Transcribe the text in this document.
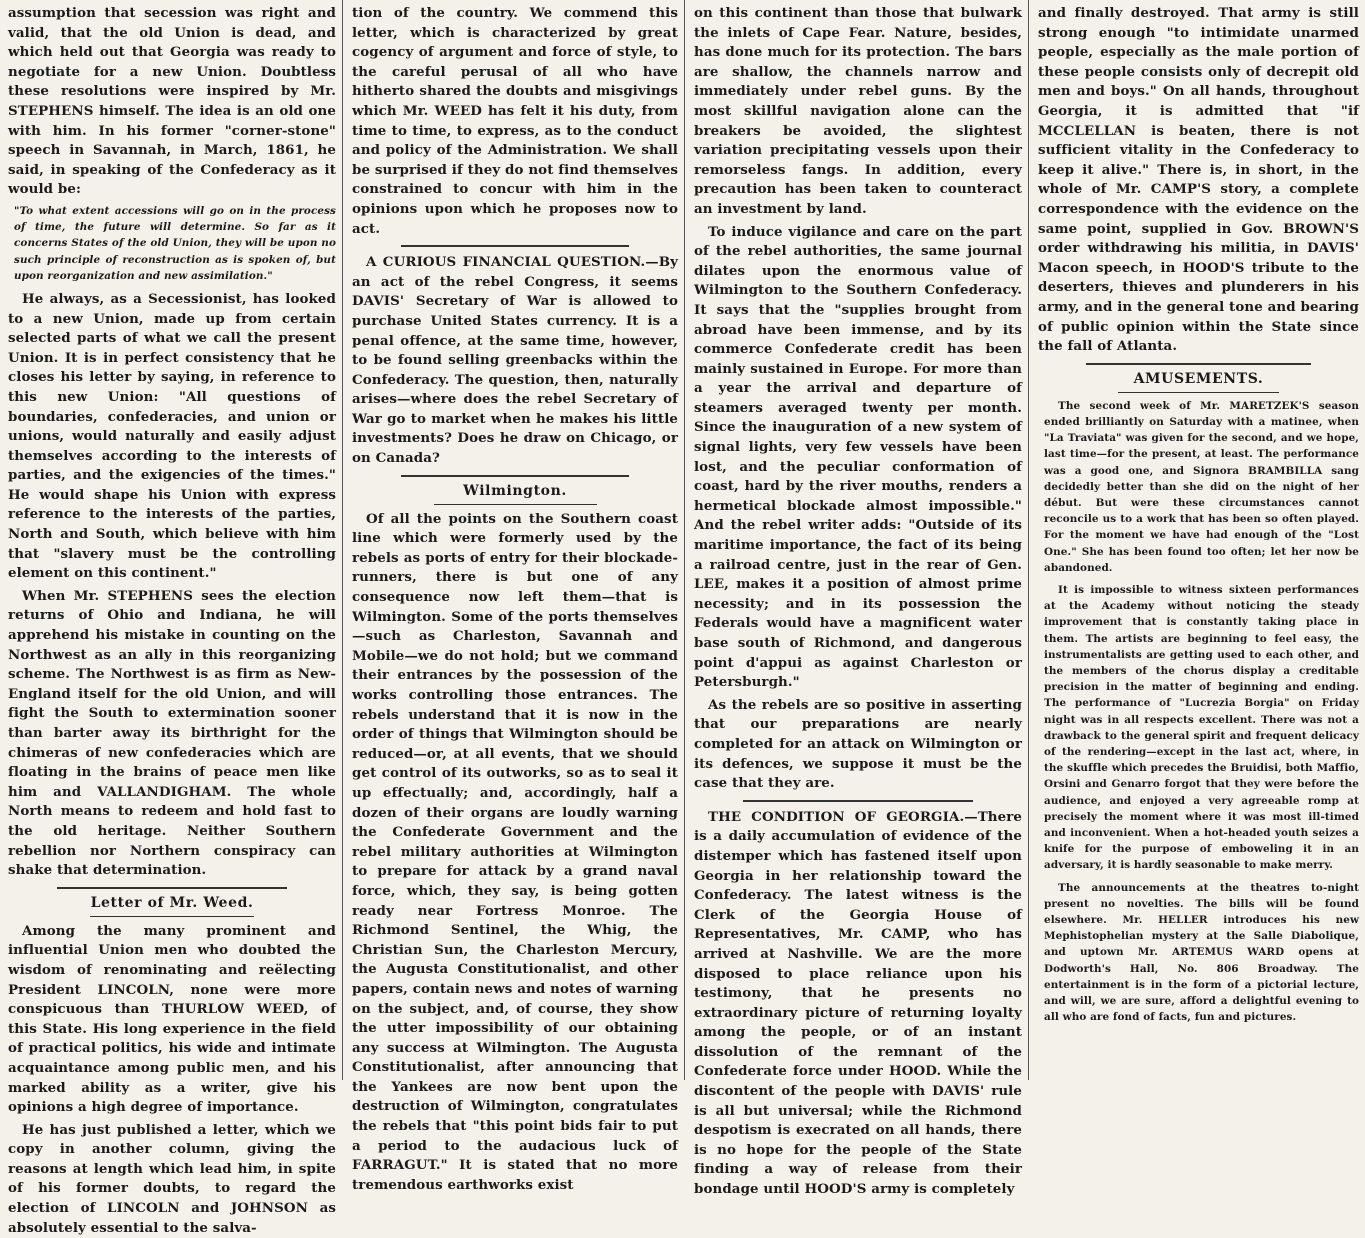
assumption that secession was right and valid, that the old Union is dead, and which held out that Georgia was ready to negotiate for a new Union. Doubtless these resolutions were inspired by Mr. STEPHENS himself. The idea is an old one with him. In his former "corner-stone" speech in Savannah, in March, 1861, he said, in speaking of the Confederacy as it would be:

"To what extent accessions will go on in the process of time, the future will determine. So far as it concerns States of the old Union, they will be upon no such principle of reconstruction as is spoken of, but upon reorganization and new assimilation."

He always, as a Secessionist, has looked to a new Union, made up from certain selected parts of what we call the present Union. It is in perfect consistency that he closes his letter by saying, in reference to this new Union: "All questions of boundaries, confederacies, and union or unions, would naturally and easily adjust themselves according to the interests of parties, and the exigencies of the times." He would shape his Union with express reference to the interests of the parties, North and South, which believe with him that "slavery must be the controlling element on this continent."

When Mr. STEPHENS sees the election returns of Ohio and Indiana, he will apprehend his mistake in counting on the Northwest as an ally in this reorganizing scheme. The Northwest is as firm as New-England itself for the old Union, and will fight the South to extermination sooner than barter away its birthright for the chimeras of new confederacies which are floating in the brains of peace men like him and VALLANDIGHAM. The whole North means to redeem and hold fast to the old heritage. Neither Southern rebellion nor Northern conspiracy can shake that determination.

Letter of Mr. Weed.

Among the many prominent and influential Union men who doubted the wisdom of renominating and reëlecting President LINCOLN, none were more conspicuous than THURLOW WEED, of this State. His long experience in the field of practical politics, his wide and intimate acquaintance among public men, and his marked ability as a writer, give his opinions a high degree of importance.

He has just published a letter, which we copy in another column, giving the reasons at length which lead him, in spite of his former doubts, to regard the election of LINCOLN and JOHNSON as absolutely essential to the salva-

tion of the country. We commend this letter, which is characterized by great cogency of argument and force of style, to the careful perusal of all who have hitherto shared the doubts and misgivings which Mr. WEED has felt it his duty, from time to time, to express, as to the conduct and policy of the Administration. We shall be surprised if they do not find themselves constrained to concur with him in the opinions upon which he proposes now to act.

A CURIOUS FINANCIAL QUESTION.—By an act of the rebel Congress, it seems DAVIS' Secretary of War is allowed to purchase United States currency. It is a penal offence, at the same time, however, to be found selling greenbacks within the Confederacy. The question, then, naturally arises—where does the rebel Secretary of War go to market when he makes his little investments? Does he draw on Chicago, or on Canada?

Wilmington.

Of all the points on the Southern coast line which were formerly used by the rebels as ports of entry for their blockade-runners, there is but one of any consequence now left them—that is Wilmington. Some of the ports themselves—such as Charleston, Savannah and Mobile—we do not hold; but we command their entrances by the possession of the works controlling those entrances. The rebels understand that it is now in the order of things that Wilmington should be reduced—or, at all events, that we should get control of its outworks, so as to seal it up effectually; and, accordingly, half a dozen of their organs are loudly warning the Confederate Government and the rebel military authorities at Wilmington to prepare for attack by a grand naval force, which, they say, is being gotten ready near Fortress Monroe. The Richmond Sentinel, the Whig, the Christian Sun, the Charleston Mercury, the Augusta Constitutionalist, and other papers, contain news and notes of warning on the subject, and, of course, they show the utter impossibility of our obtaining any success at Wilmington. The Augusta Constitutionalist, after announcing that the Yankees are now bent upon the destruction of Wilmington, congratulates the rebels that "this point bids fair to put a period to the audacious luck of FARRAGUT." It is stated that no more tremendous earthworks exist

on this continent than those that bulwark the inlets of Cape Fear. Nature, besides, has done much for its protection. The bars are shallow, the channels narrow and immediately under rebel guns. By the most skillful navigation alone can the breakers be avoided, the slightest variation precipitating vessels upon their remorseless fangs. In addition, every precaution has been taken to counteract an investment by land.

To induce vigilance and care on the part of the rebel authorities, the same journal dilates upon the enormous value of Wilmington to the Southern Confederacy. It says that the "supplies brought from abroad have been immense, and by its commerce Confederate credit has been mainly sustained in Europe. For more than a year the arrival and departure of steamers averaged twenty per month. Since the inauguration of a new system of signal lights, very few vessels have been lost, and the peculiar conformation of coast, hard by the river mouths, renders a hermetical blockade almost impossible." And the rebel writer adds: "Outside of its maritime importance, the fact of its being a railroad centre, just in the rear of Gen. LEE, makes it a position of almost prime necessity; and in its possession the Federals would have a magnificent water base south of Richmond, and dangerous point d'appui as against Charleston or Petersburgh."

As the rebels are so positive in asserting that our preparations are nearly completed for an attack on Wilmington or its defences, we suppose it must be the case that they are.

THE CONDITION OF GEORGIA.—There is a daily accumulation of evidence of the distemper which has fastened itself upon Georgia in her relationship toward the Confederacy. The latest witness is the Clerk of the Georgia House of Representatives, Mr. CAMP, who has arrived at Nashville. We are the more disposed to place reliance upon his testimony, that he presents no extraordinary picture of returning loyalty among the people, or of an instant dissolution of the remnant of the Confederate force under HOOD. While the discontent of the people with DAVIS' rule is all but universal; while the Richmond despotism is execrated on all hands, there is no hope for the people of the State finding a way of release from their bondage until HOOD'S army is completely

and finally destroyed. That army is still strong enough "to intimidate unarmed people, especially as the male portion of these people consists only of decrepit old men and boys." On all hands, throughout Georgia, it is admitted that "if MCCLELLAN is beaten, there is not sufficient vitality in the Confederacy to keep it alive." There is, in short, in the whole of Mr. CAMP'S story, a complete correspondence with the evidence on the same point, supplied in Gov. BROWN'S order withdrawing his militia, in DAVIS' Macon speech, in HOOD'S tribute to the deserters, thieves and plunderers in his army, and in the general tone and bearing of public opinion within the State since the fall of Atlanta.

AMUSEMENTS.

The second week of Mr. MARETZEK'S season ended brilliantly on Saturday with a matinee, when "La Traviata" was given for the second, and we hope, last time—for the present, at least. The performance was a good one, and Signora BRAMBILLA sang decidedly better than she did on the night of her début. But were these circumstances cannot reconcile us to a work that has been so often played. For the moment we have had enough of the "Lost One." She has been found too often; let her now be abandoned.

It is impossible to witness sixteen performances at the Academy without noticing the steady improvement that is constantly taking place in them. The artists are beginning to feel easy, the instrumentalists are getting used to each other, and the members of the chorus display a creditable precision in the matter of beginning and ending. The performance of "Lucrezia Borgia" on Friday night was in all respects excellent. There was not a drawback to the general spirit and frequent delicacy of the rendering—except in the last act, where, in the skuffle which precedes the Bruidisi, both Maffio, Orsini and Genarro forgot that they were before the audience, and enjoyed a very agreeable romp at precisely the moment where it was most ill-timed and inconvenient. When a hot-headed youth seizes a knife for the purpose of emboweling it in an adversary, it is hardly seasonable to make merry.

The announcements at the theatres to-night present no novelties. The bills will be found elsewhere. Mr. HELLER introduces his new Mephistophelian mystery at the Salle Diabolique, and uptown Mr. ARTEMUS WARD opens at Dodworth's Hall, No. 806 Broadway. The entertainment is in the form of a pictorial lecture, and will, we are sure, afford a delightful evening to all who are fond of facts, fun and pictures.
